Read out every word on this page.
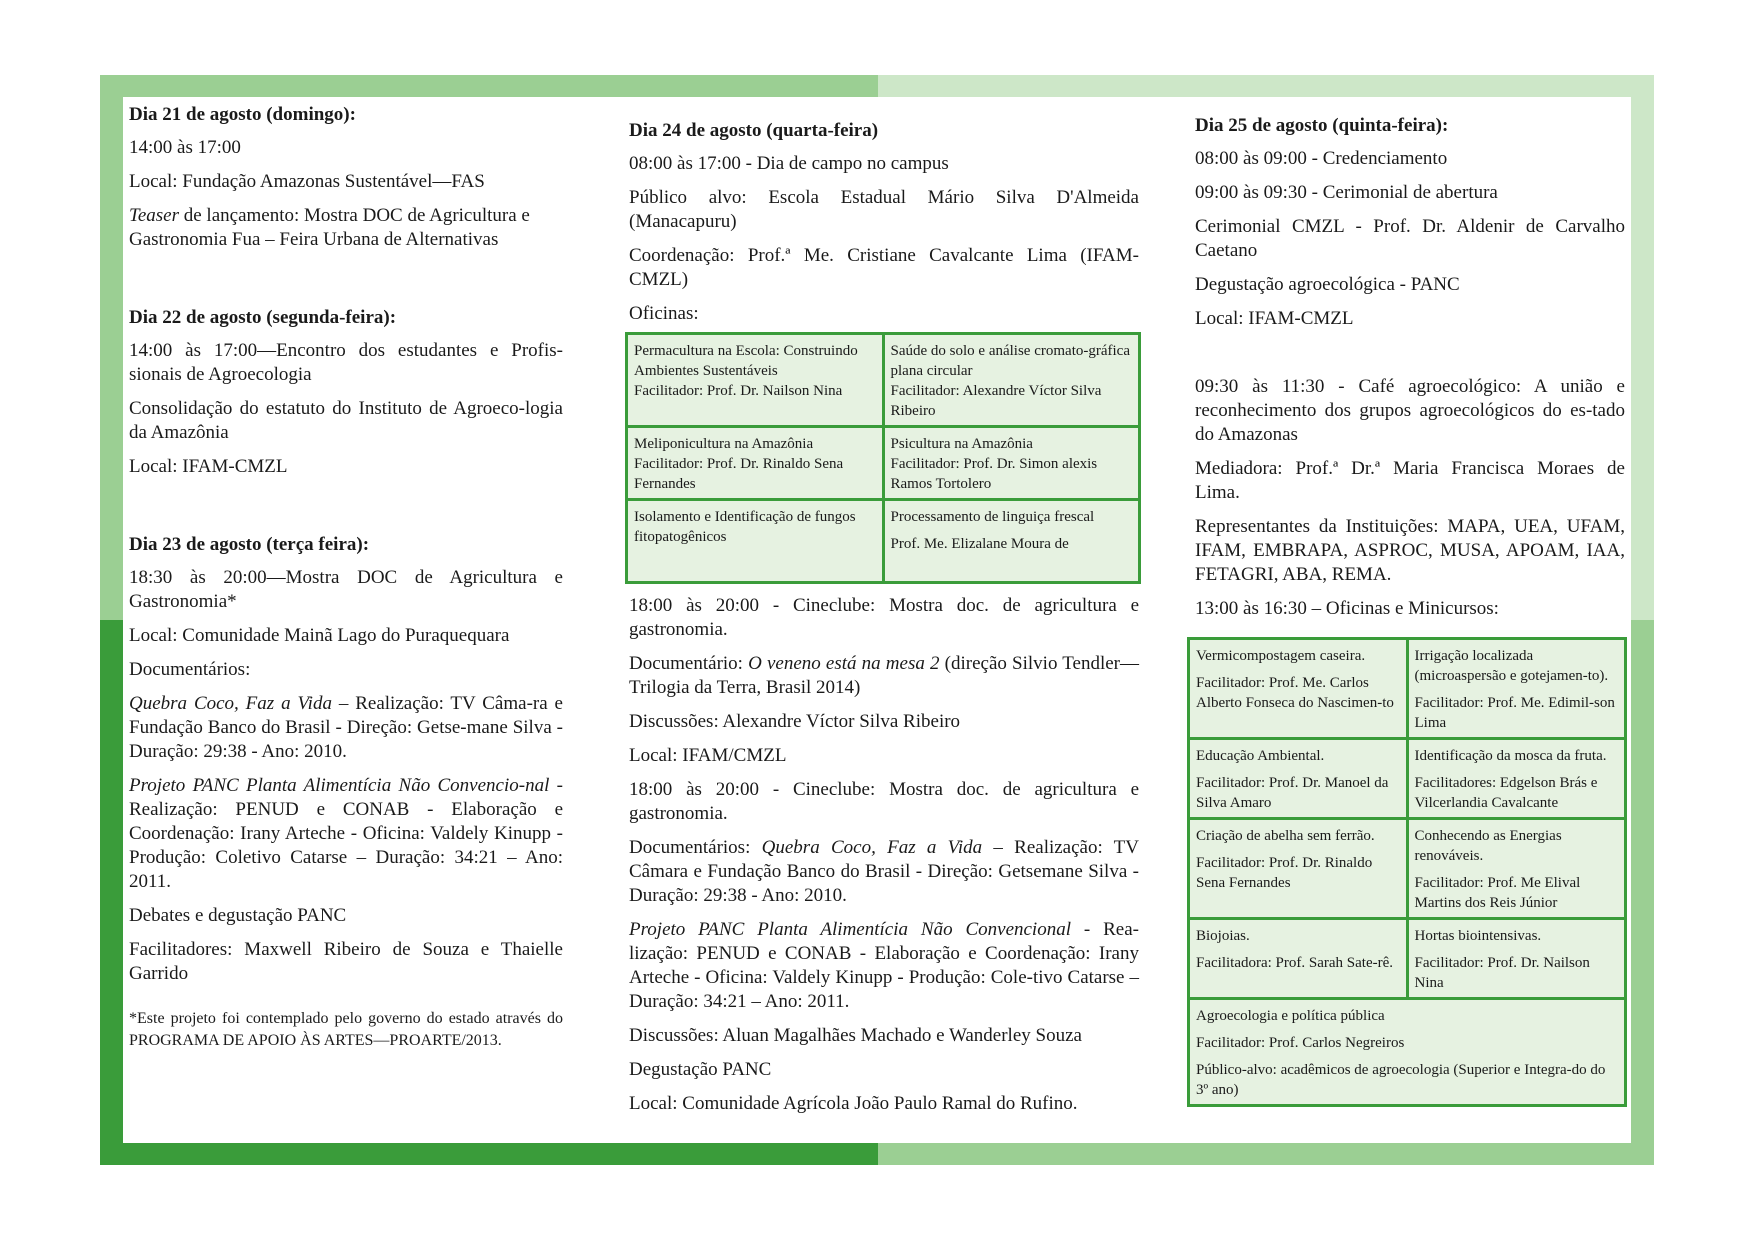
Dia 21 de agosto (domingo):

14:00 às 17:00

Local: Fundação Amazonas Sustentável—FAS

Teaser de lançamento: Mostra DOC de Agricultura e Gastronomia Fua – Feira Urbana de Alternativas

Dia 22 de agosto (segunda-feira):

14:00 às 17:00—Encontro dos estudantes e Profis-sionais de Agroecologia

Consolidação do estatuto do Instituto de Agroeco-logia da Amazônia

Local: IFAM-CMZL

Dia 23 de agosto (terça feira):

18:30 às 20:00—Mostra DOC de Agricultura e Gastronomia*

Local: Comunidade Mainã Lago do Puraquequara

Documentários:

Quebra Coco, Faz a Vida – Realização: TV Câma-ra e Fundação Banco do Brasil - Direção: Getse-mane Silva - Duração: 29:38 - Ano: 2010.

Projeto PANC Planta Alimentícia Não Convencio-nal - Realização: PENUD e CONAB - Elaboração e Coordenação: Irany Arteche - Oficina: Valdely Kinupp - Produção: Coletivo Catarse – Duração: 34:21 – Ano: 2011.

Debates e degustação PANC

Facilitadores: Maxwell Ribeiro de Souza e Thaielle Garrido

*Este projeto foi contemplado pelo governo do estado através do PROGRAMA DE APOIO ÀS ARTES—PROARTE/2013.

Dia 24 de agosto (quarta-feira)

08:00 às 17:00 - Dia de campo no campus

Público alvo: Escola Estadual Mário Silva D'Almeida (Manacapuru)

Coordenação: Prof.ª Me. Cristiane Cavalcante Lima (IFAM-CMZL)

Oficinas:

Permacultura na Escola: Construindo Ambientes Sustentáveis
Facilitador: Prof. Dr. Nailson Nina	Saúde do solo e análise cromato-gráfica plana circular
Facilitador: Alexandre Víctor Silva Ribeiro

Meliponicultura na Amazônia
Facilitador: Prof. Dr. Rinaldo Sena Fernandes	Psicultura na Amazônia
Facilitador: Prof. Dr. Simon alexis Ramos Tortolero

Isolamento e Identificação de fungos fitopatogênicos	Processamento de linguiça frescal
Prof. Me. Elizalane Moura de

18:00 às 20:00 - Cineclube: Mostra doc. de agricultura e gastronomia.

Documentário: O veneno está na mesa 2 (direção Silvio Tendler—Trilogia da Terra, Brasil 2014)

Discussões: Alexandre Víctor Silva Ribeiro

Local: IFAM/CMZL

18:00 às 20:00 - Cineclube: Mostra doc. de agricultura e gastronomia.

Documentários: Quebra Coco, Faz a Vida – Realização: TV Câmara e Fundação Banco do Brasil - Direção: Getsemane Silva - Duração: 29:38 - Ano: 2010.

Projeto PANC Planta Alimentícia Não Convencional - Rea-lização: PENUD e CONAB - Elaboração e Coordenação: Irany Arteche - Oficina: Valdely Kinupp - Produção: Cole-tivo Catarse – Duração: 34:21 – Ano: 2011.

Discussões: Aluan Magalhães Machado e Wanderley Souza

Degustação PANC

Local: Comunidade Agrícola João Paulo Ramal do Rufino.

Dia 25 de agosto (quinta-feira):

08:00 às 09:00 - Credenciamento

09:00 às 09:30 - Cerimonial de abertura

Cerimonial CMZL - Prof. Dr. Aldenir de Carvalho Caetano

Degustação agroecológica - PANC

Local: IFAM-CMZL

09:30 às 11:30 - Café agroecológico: A união e reconhecimento dos grupos agroecológicos do es-tado do Amazonas

Mediadora: Prof.ª Dr.ª Maria Francisca Moraes de Lima.

Representantes da Instituições: MAPA, UEA, UFAM, IFAM, EMBRAPA, ASPROC, MUSA, APOAM, IAA, FETAGRI, ABA, REMA.

13:00 às 16:30 – Oficinas e Minicursos:

Vermicompostagem caseira.
Facilitador: Prof. Me. Carlos Alberto Fonseca do Nascimen-to	Irrigação localizada (microaspersão e gotejamen-to).
Facilitador: Prof. Me. Edimil-son Lima

Educação Ambiental.
Facilitador: Prof. Dr. Manoel da Silva Amaro	Identificação da mosca da fruta.
Facilitadores: Edgelson Brás e Vilcerlandia Cavalcante

Criação de abelha sem ferrão.
Facilitador: Prof. Dr. Rinaldo Sena Fernandes	Conhecendo as Energias renováveis.
Facilitador: Prof. Me Elival Martins dos Reis Júnior

Biojoias.
Facilitadora: Prof. Sarah Sate-rê.	Hortas biointensivas.
Facilitador: Prof. Dr. Nailson Nina

Agroecologia e política pública
Facilitador: Prof. Carlos Negreiros
Público-alvo: acadêmicos de agroecologia (Superior e Integra-do do 3º ano)	
